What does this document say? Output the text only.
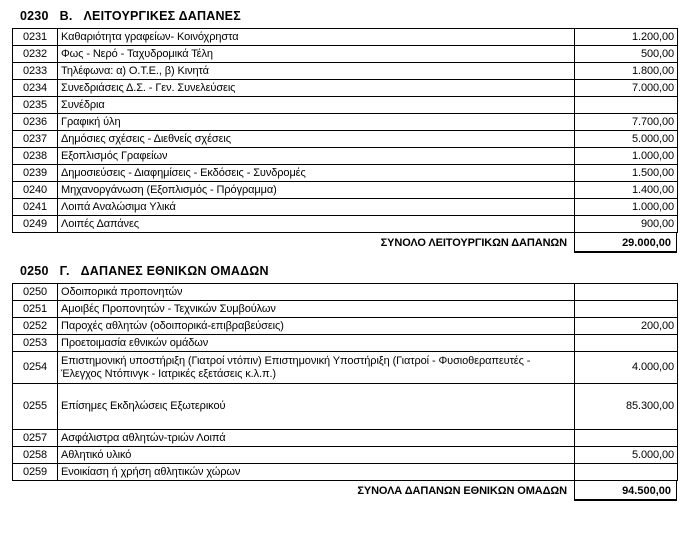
0230 Β. ΛΕΙΤΟΥΡΓΙΚΕΣ ΔΑΠΑΝΕΣ
0231	Καθαριότητα γραφείων- Κοινόχρηστα	1.200,00
0232	Φως - Νερό - Ταχυδρομικά Τέλη	500,00
0233	Τηλέφωνα: α) Ο.Τ.Ε., β) Κινητά	1.800,00
0234	Συνεδριάσεις Δ.Σ. - Γεν. Συνελεύσεις	7.000,00
0235	Συνέδρια	
0236	Γραφική ύλη	7.700,00
0237	Δημόσιες σχέσεις - Διεθνείς σχέσεις	5.000,00
0238	Εξοπλισμός Γραφείων	1.000,00
0239	Δημοσιεύσεις - Διαφημίσεις - Εκδόσεις - Συνδρομές	1.500,00
0240	Μηχανοργάνωση (Εξοπλισμός - Πρόγραμμα)	1.400,00
0241	Λοιπά Αναλώσιμα Υλικά	1.000,00
0249	Λοιπές Δαπάνες	900,00
ΣΥΝΟΛΟ ΛΕΙΤΟΥΡΓΙΚΩΝ ΔΑΠΑΝΩΝ	29.000,00
0250 Γ. ΔΑΠΑΝΕΣ ΕΘΝΙΚΩΝ ΟΜΑΔΩΝ
0250	Οδοιπορικά προπονητών	
0251	Αμοιβές Προπονητών - Τεχνικών Συμβούλων	
0252	Παροχές αθλητών (οδοιπορικά-επιβραβεύσεις)	200,00
0253	Προετοιμασία εθνικών ομάδων	
0254	Επιστημονική υποστήριξη (Γιατροί ντόπιν) Επιστημονική Υποστήριξη (Γιατροί - Φυσιοθεραπευτές - Έλεγχος Ντόπινγκ - Ιατρικές εξετάσεις κ.λ.π.)	4.000,00
0255	Επίσημες Εκδηλώσεις Εξωτερικού	85.300,00
0257	Ασφάλιστρα αθλητών-τριών Λοιπά	
0258	Αθλητικό υλικό	5.000,00
0259	Ενοικίαση ή χρήση αθλητικών χώρων	
ΣΥΝΟΛΑ ΔΑΠΑΝΩΝ ΕΘΝΙΚΩΝ ΟΜΑΔΩΝ	94.500,00
